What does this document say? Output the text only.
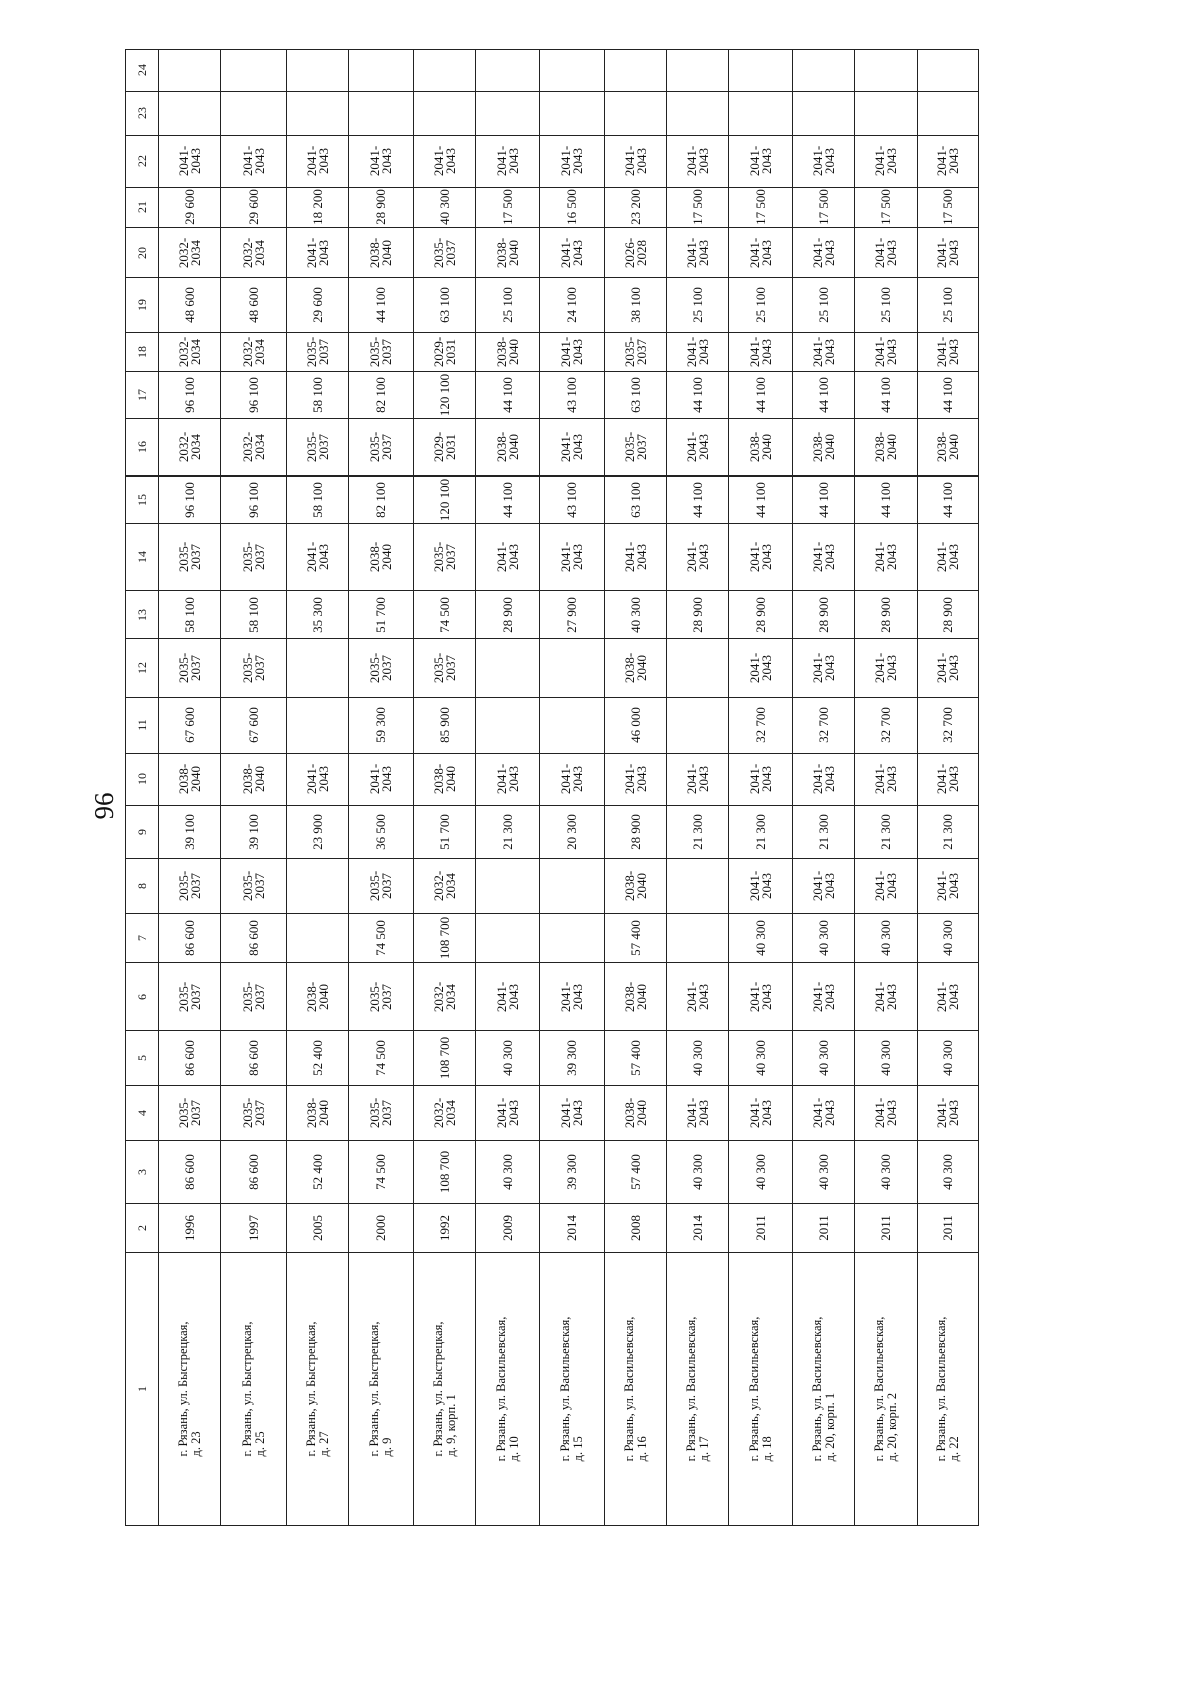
96
1
2
3
4
5
6
7
8
9
10
11
12
13
14
15
16
17
18
19
20
21
22
23
24
г. Рязань, ул. Быстрецкая,
д. 23
1996
86 600
2035-
2037
86 600
2035-
2037
86 600
2035-
2037
39 100
2038-
2040
67 600
2035-
2037
58 100
2035-
2037
96 100
2032-
2034
96 100
2032-
2034
48 600
2032-
2034
29 600
2041-
2043
г. Рязань, ул. Быстрецкая,
д. 25
1997
86 600
2035-
2037
86 600
2035-
2037
86 600
2035-
2037
39 100
2038-
2040
67 600
2035-
2037
58 100
2035-
2037
96 100
2032-
2034
96 100
2032-
2034
48 600
2032-
2034
29 600
2041-
2043
г. Рязань, ул. Быстрецкая,
д. 27
2005
52 400
2038-
2040
52 400
2038-
2040
23 900
2041-
2043
35 300
2041-
2043
58 100
2035-
2037
58 100
2035-
2037
29 600
2041-
2043
18 200
2041-
2043
г. Рязань, ул. Быстрецкая,
д. 9
2000
74 500
2035-
2037
74 500
2035-
2037
74 500
2035-
2037
36 500
2041-
2043
59 300
2035-
2037
51 700
2038-
2040
82 100
2035-
2037
82 100
2035-
2037
44 100
2038-
2040
28 900
2041-
2043
г. Рязань, ул. Быстрецкая,
д. 9, корп. 1
1992
108 700
2032-
2034
108 700
2032-
2034
108 700
2032-
2034
51 700
2038-
2040
85 900
2035-
2037
74 500
2035-
2037
120 100
2029-
2031
120 100
2029-
2031
63 100
2035-
2037
40 300
2041-
2043
г. Рязань, ул. Васильевская,
д. 10
2009
40 300
2041-
2043
40 300
2041-
2043
21 300
2041-
2043
28 900
2041-
2043
44 100
2038-
2040
44 100
2038-
2040
25 100
2038-
2040
17 500
2041-
2043
г. Рязань, ул. Васильевская,
д. 15
2014
39 300
2041-
2043
39 300
2041-
2043
20 300
2041-
2043
27 900
2041-
2043
43 100
2041-
2043
43 100
2041-
2043
24 100
2041-
2043
16 500
2041-
2043
г. Рязань, ул. Васильевская,
д. 16
2008
57 400
2038-
2040
57 400
2038-
2040
57 400
2038-
2040
28 900
2041-
2043
46 000
2038-
2040
40 300
2041-
2043
63 100
2035-
2037
63 100
2035-
2037
38 100
2026-
2028
23 200
2041-
2043
г. Рязань, ул. Васильевская,
д. 17
2014
40 300
2041-
2043
40 300
2041-
2043
21 300
2041-
2043
28 900
2041-
2043
44 100
2041-
2043
44 100
2041-
2043
25 100
2041-
2043
17 500
2041-
2043
г. Рязань, ул. Васильевская,
д. 18
2011
40 300
2041-
2043
40 300
2041-
2043
40 300
2041-
2043
21 300
2041-
2043
32 700
2041-
2043
28 900
2041-
2043
44 100
2038-
2040
44 100
2041-
2043
25 100
2041-
2043
17 500
2041-
2043
г. Рязань, ул. Васильевская,
д. 20, корп. 1
2011
40 300
2041-
2043
40 300
2041-
2043
40 300
2041-
2043
21 300
2041-
2043
32 700
2041-
2043
28 900
2041-
2043
44 100
2038-
2040
44 100
2041-
2043
25 100
2041-
2043
17 500
2041-
2043
г. Рязань, ул. Васильевская,
д. 20, корп. 2
2011
40 300
2041-
2043
40 300
2041-
2043
40 300
2041-
2043
21 300
2041-
2043
32 700
2041-
2043
28 900
2041-
2043
44 100
2038-
2040
44 100
2041-
2043
25 100
2041-
2043
17 500
2041-
2043
г. Рязань, ул. Васильевская,
д. 22
2011
40 300
2041-
2043
40 300
2041-
2043
40 300
2041-
2043
21 300
2041-
2043
32 700
2041-
2043
28 900
2041-
2043
44 100
2038-
2040
44 100
2041-
2043
25 100
2041-
2043
17 500
2041-
2043
